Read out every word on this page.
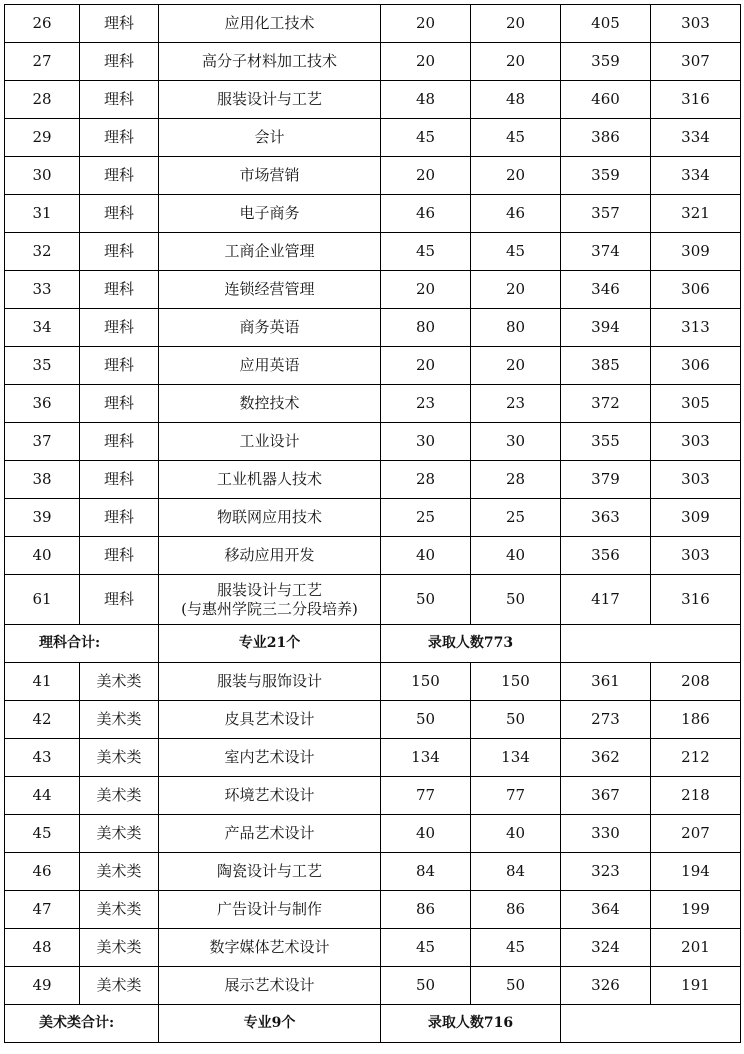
26	理科	应用化工技术	20	20	405	303
27	理科	高分子材料加工技术	20	20	359	307
28	理科	服装设计与工艺	48	48	460	316
29	理科	会计	45	45	386	334
30	理科	市场营销	20	20	359	334
31	理科	电子商务	46	46	357	321
32	理科	工商企业管理	45	45	374	309
33	理科	连锁经营管理	20	20	346	306
34	理科	商务英语	80	80	394	313
35	理科	应用英语	20	20	385	306
36	理科	数控技术	23	23	372	305
37	理科	工业设计	30	30	355	303
38	理科	工业机器人技术	28	28	379	303
39	理科	物联网应用技术	25	25	363	309
40	理科	移动应用开发	40	40	356	303
61	理科	服装设计与工艺
(与惠州学院三二分段培养)	50	50	417	316
理科合计:		专业21个	录取人数773			
41	美术类	服装与服饰设计	150	150	361	208
42	美术类	皮具艺术设计	50	50	273	186
43	美术类	室内艺术设计	134	134	362	212
44	美术类	环境艺术设计	77	77	367	218
45	美术类	产品艺术设计	40	40	330	207
46	美术类	陶瓷设计与工艺	84	84	323	194
47	美术类	广告设计与制作	86	86	364	199
48	美术类	数字媒体艺术设计	45	45	324	201
49	美术类	展示艺术设计	50	50	326	191
美术类合计:		专业9个	录取人数716			
